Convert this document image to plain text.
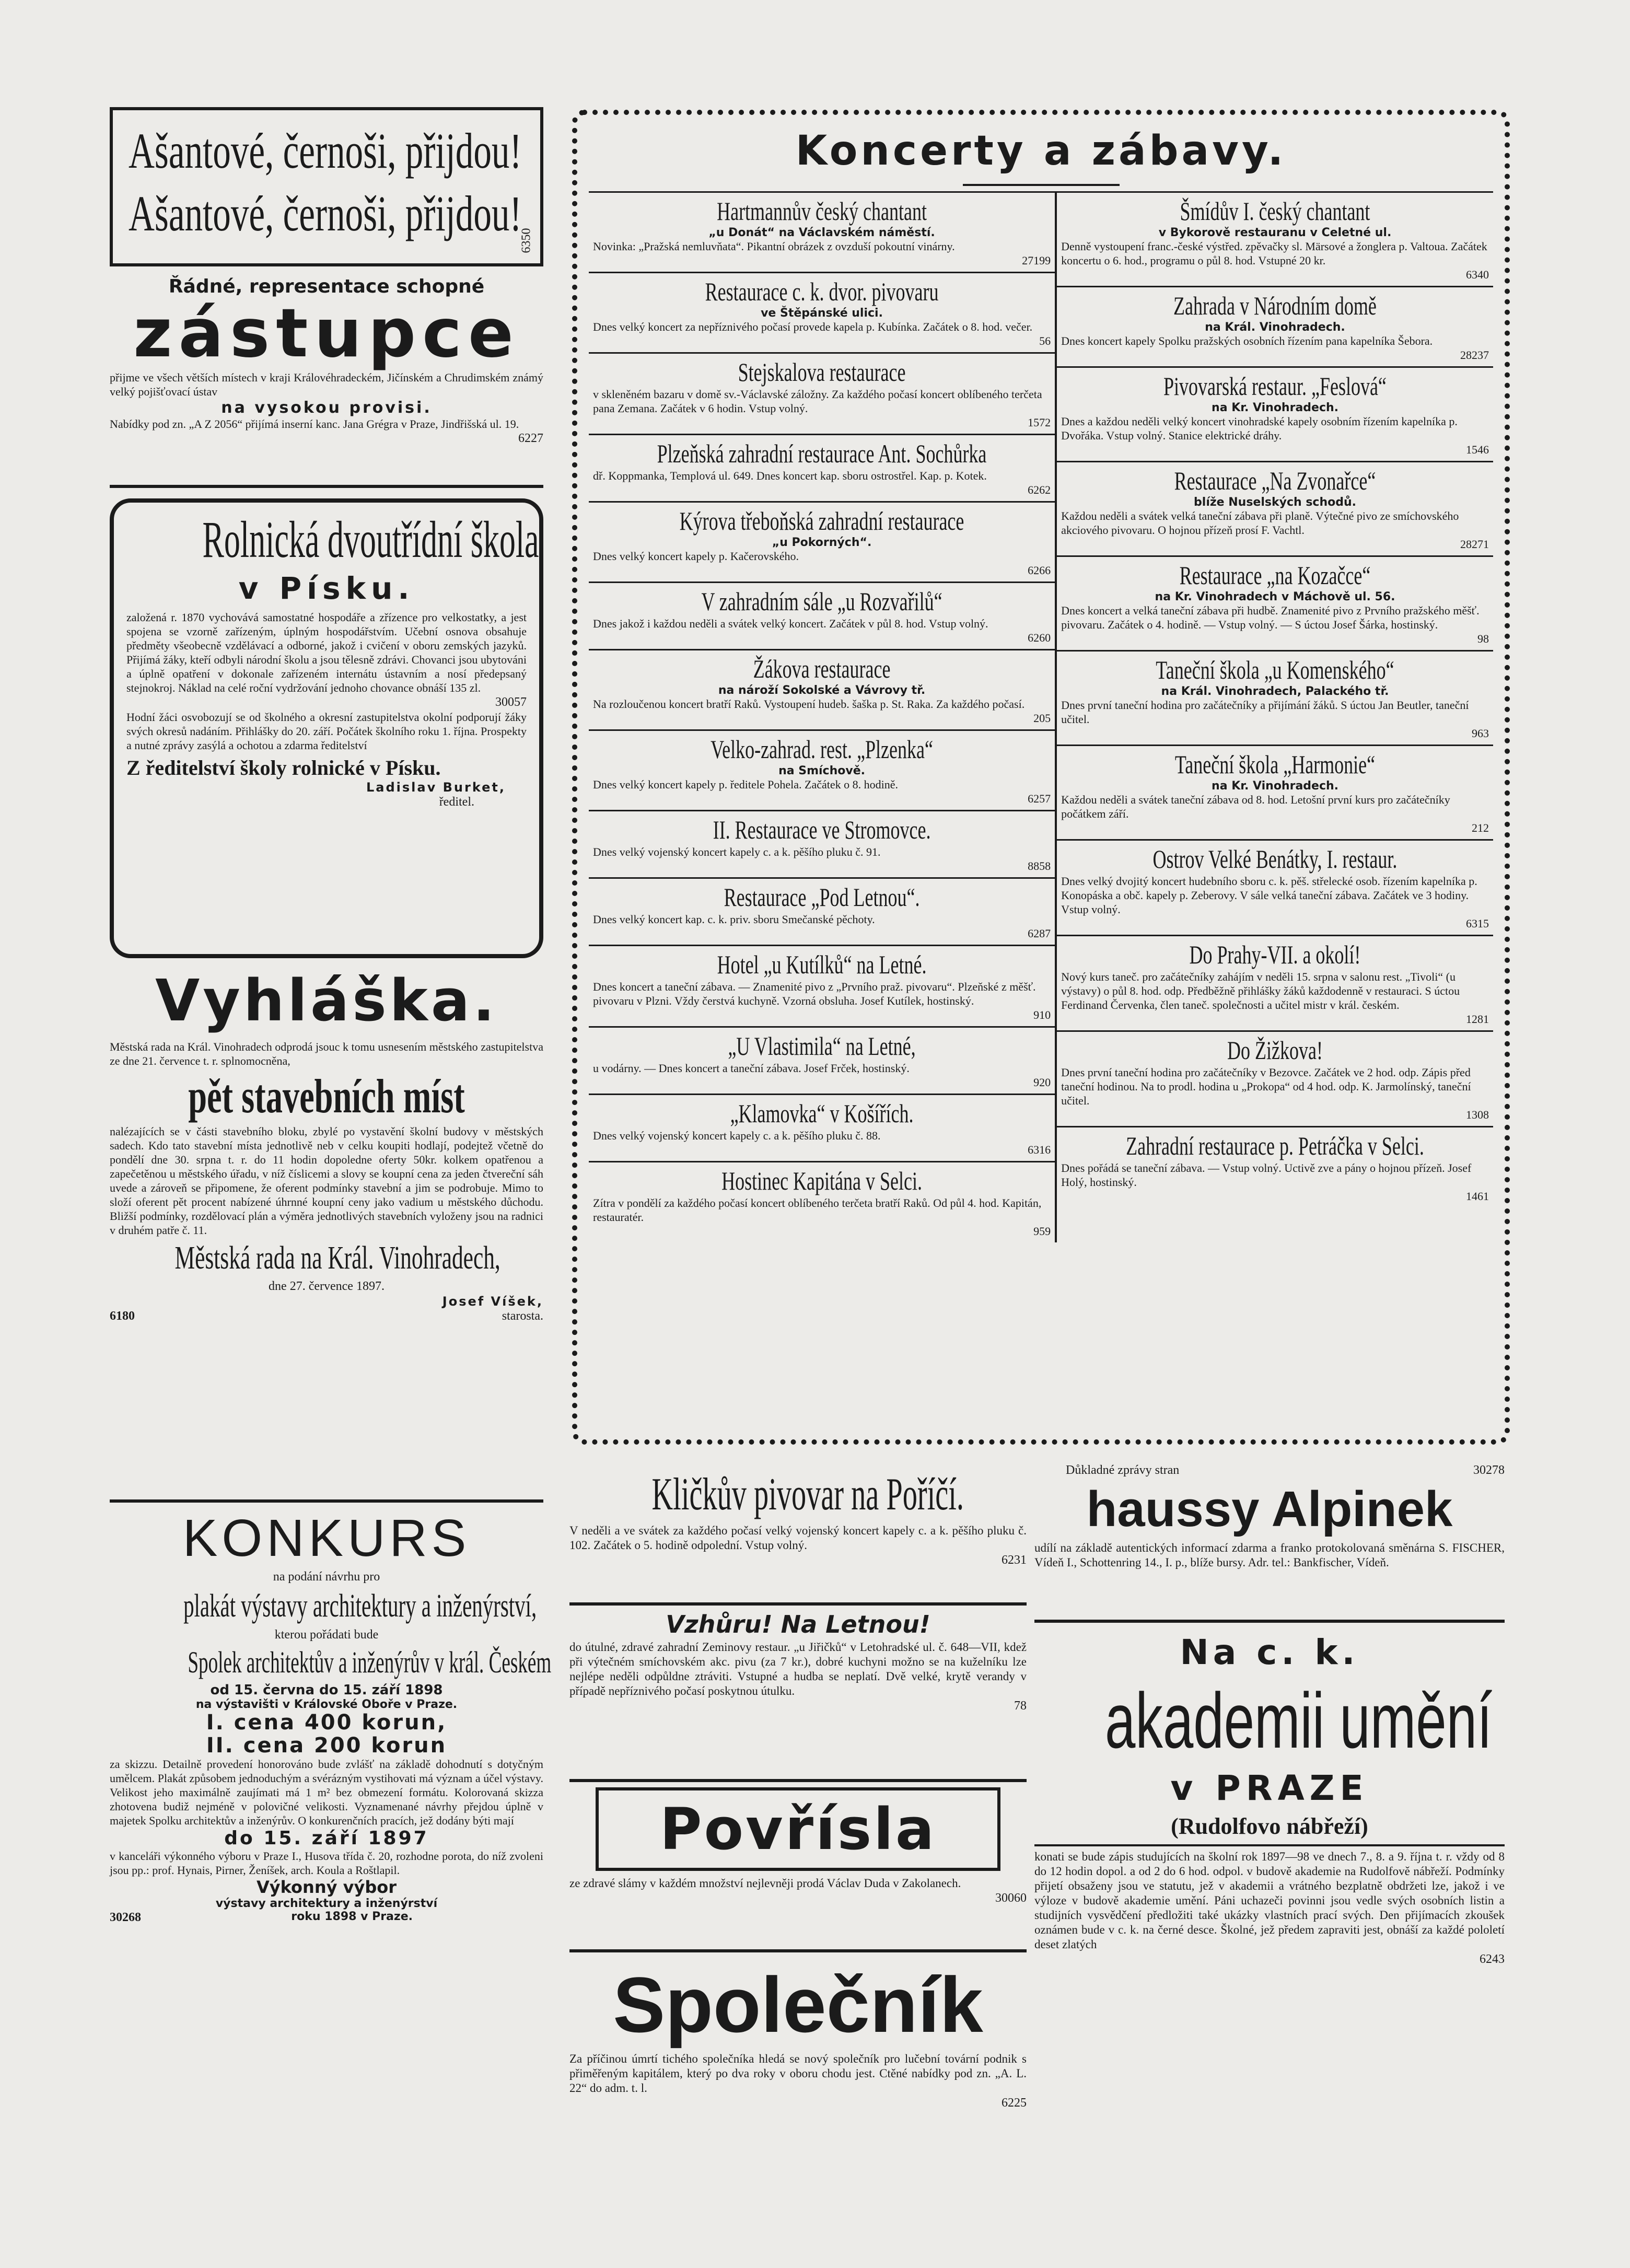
Ašantové, černoši, přijdou!
Ašantové, černoši, přijdou!
6350
Řádné, representace schopné
zástupce

přijme ve všech větších místech v kraji Královéhradeckém, Jičínském a Chrudimském známý velký pojišťovací ústav

na vysokou provisi.

Nabídky pod zn. „A Z 2056“ přijímá inserní kanc. Jana Grégra v Praze, Jindřišská ul. 19.

6227
Rolnická dvoutřídní škola
v Písku.

založená r. 1870 vychovává samostatné hospodáře a zřízence pro velkostatky, a jest spojena se vzorně zařízeným, úplným hospodářstvím. Učební osnova obsahuje předměty všeobecně vzdělávací a odborné, jakož i cvičení v oboru zemských jazyků. Přijímá žáky, kteří odbyli národní školu a jsou tělesně zdrávi. Chovanci jsou ubytováni a úplně opatření v dokonale zařízeném internátu ústavním a nosí předepsaný stejnokroj. Náklad na celé roční vydržování jednoho chovance obnáší 135 zl.

30057

Hodní žáci osvobozují se od školného a okresní zastupitelstva okolní podporují žáky svých okresů nadáním. Přihlášky do 20. září. Počátek školního roku 1. října. Prospekty a nutné zprávy zasýlá a ochotou a zdarma ředitelství

Z ředitelství školy rolnické v Písku.
Ladislav Burket,
ředitel.
Vyhláška.

Městská rada na Král. Vinohradech odprodá jsouc k tomu usnesením městského zastupitelstva ze dne 21. července t. r. splnomocněna,

pět stavebních míst

nalézajících se v části stavebního bloku, zbylé po vystavění školní budovy v městských sadech. Kdo tato stavební místa jednotlivě neb v celku koupiti hodlají, podejtež včetně do pondělí dne 30. srpna t. r. do 11 hodin dopoledne oferty 50kr. kolkem opatřenou a zapečetěnou u městského úřadu, v níž číslicemi a slovy se koupní cena za jeden čtvereční sáh uvede a zároveň se připomene, že oferent podmínky stavební a jim se podrobuje. Mimo to složí oferent pět procent nabízené úhrnné koupní ceny jako vadium u městského důchodu. Bližší podmínky, rozdělovací plán a výměra jednotlivých stavebních vyloženy jsou na radnici v druhém patře č. 11.

Městská rada na Král. Vinohradech,
dne 27. července 1897.
6180
Josef Víšek,
starosta.
KONKURS
na podání návrhu pro
plakát výstavy architektury a inženýrství,
kterou pořádati bude
Spolek architektův a inženýrův v král. Českém
od 15. června do 15. září 1898
na výstavišti v Královské Oboře v Praze.
I. cena 400 korun,
II. cena 200 korun

za skizzu. Detailně provedení honorováno bude zvlášť na základě dohodnutí s dotyčným umělcem. Plakát způsobem jednoduchým a svérázným vystihovati má význam a účel výstavy. Velikost jeho maximálně zaujímati má 1 m² bez obmezení formátu. Kolorovaná skizza zhotovena budiž nejméně v polovičné velikosti. Vyznamenané návrhy přejdou úplně v majetek Spolku architektův a inženýrův. O konkurenčních pracích, jež dodány býti mají

do 15. září 1897

v kanceláři výkonného výboru v Praze I., Husova třída č. 20, rozhodne porota, do níž zvoleni jsou pp.: prof. Hynais, Pirner, Ženíšek, arch. Koula a Roštlapil.

Výkonný výbor
výstavy architektury a inženýrství
30268	roku 1898 v Praze.
Koncerty a zábavy.
Hartmannův český chantant
„u Donát“ na Václavském náměstí.

Novinka: „Pražská nemluvňata“. Pikantní obrázek z ovzduší pokoutní vinárny.

27199
Restaurace c. k. dvor. pivovaru
ve Štěpánské ulici.

Dnes velký koncert za nepříznivého počasí provede kapela p. Kubínka. Začátek o 8. hod. večer.

56
Stejskalova restaurace

v skleněném bazaru v domě sv.-Václavské záložny. Za každého počasí koncert oblíbeného terčeta pana Zemana. Začátek v 6 hodin. Vstup volný.

1572
Plzeňská zahradní restaurace Ant. Sochůrka

dř. Koppmanka, Templová ul. 649. Dnes koncert kap. sboru ostrostřel. Kap. p. Kotek.

6262
Kýrova třeboňská zahradní restaurace
„u Pokorných“.

Dnes velký koncert kapely p. Kačerovského.

6266
V zahradním sále „u Rozvařilů“

Dnes jakož i každou neděli a svátek velký koncert. Začátek v půl 8. hod. Vstup volný.

6260
Žákova restaurace
na nároží Sokolské a Vávrovy tř.

Na rozloučenou koncert bratří Raků. Vystoupení hudeb. šaška p. St. Raka. Za každého počasí.

205
Velko-zahrad. rest. „Plzenka“
na Smíchově.

Dnes velký koncert kapely p. ředitele Pohela. Začátek o 8. hodině.

6257
II. Restaurace ve Stromovce.

Dnes velký vojenský koncert kapely c. a k. pěšího pluku č. 91.

8858
Restaurace „Pod Letnou“.

Dnes velký koncert kap. c. k. priv. sboru Smečanské pěchoty.

6287
Hotel „u Kutílků“ na Letné.

Dnes koncert a taneční zábava. — Znamenité pivo z „Prvního praž. pivovaru“. Plzeňské z měšť. pivovaru v Plzni. Vždy čerstvá kuchyně. Vzorná obsluha. Josef Kutílek, hostinský.

910
„U Vlastimila“ na Letné,

u vodárny. — Dnes koncert a taneční zábava. Josef Frček, hostinský.

920
„Klamovka“ v Košířích.

Dnes velký vojenský koncert kapely c. a k. pěšího pluku č. 88.

6316
Hostinec Kapitána v Selci.

Zítra v pondělí za každého počasí koncert oblíbeného terčeta bratří Raků. Od půl 4. hod. Kapitán, restauratér.

959
Šmídův I. český chantant
v Bykorově restauranu v Celetné ul.

Denně vystoupení franc.-české výstřed. zpěvačky sl. Märsové a žonglera p. Valtoua. Začátek koncertu o 6. hod., programu o půl 8. hod. Vstupné 20 kr.

6340
Zahrada v Národním domě
na Král. Vinohradech.

Dnes koncert kapely Spolku pražských osobních řízením pana kapelníka Šebora.

28237
Pivovarská restaur. „Feslová“
na Kr. Vinohradech.

Dnes a každou neděli velký koncert vinohradské kapely osobním řízením kapelníka p. Dvořáka. Vstup volný. Stanice elektrické dráhy.

1546
Restaurace „Na Zvonařce“
blíže Nuselských schodů.

Každou neděli a svátek velká taneční zábava při planě. Výtečné pivo ze smíchovského akciového pivovaru. O hojnou přízeň prosí F. Vachtl.

28271
Restaurace „na Kozačce“
na Kr. Vinohradech v Máchově ul. 56.

Dnes koncert a velká taneční zábava při hudbě. Znamenité pivo z Prvního pražského měšť. pivovaru. Začátek o 4. hodině. — Vstup volný. — S úctou Josef Šárka, hostinský.

98
Taneční škola „u Komenského“
na Král. Vinohradech, Palackého tř.

Dnes první taneční hodina pro začátečníky a přijímání žáků. S úctou Jan Beutler, taneční učitel.

963
Taneční škola „Harmonie“
na Kr. Vinohradech.

Každou neděli a svátek taneční zábava od 8. hod. Letošní první kurs pro začátečníky počátkem září.

212
Ostrov Velké Benátky, I. restaur.

Dnes velký dvojitý koncert hudebního sboru c. k. pěš. střelecké osob. řízením kapelníka p. Konopáska a obč. kapely p. Zeberovy. V sále velká taneční zábava. Začátek ve 3 hodiny. Vstup volný.

6315
Do Prahy-VII. a okolí!

Nový kurs taneč. pro začátečníky zahájím v neděli 15. srpna v salonu rest. „Tivoli“ (u výstavy) o půl 8. hod. odp. Předběžně přihlášky žáků každodenně v restauraci. S úctou Ferdinand Červenka, člen taneč. společnosti a učitel mistr v král. českém.

1281
Do Žižkova!

Dnes první taneční hodina pro začátečníky v Bezovce. Začátek ve 2 hod. odp. Zápis před taneční hodinou. Na to prodl. hodina u „Prokopa“ od 4 hod. odp. K. Jarmolínský, taneční učitel.

1308
Zahradní restaurace p. Petráčka v Selci.

Dnes pořádá se taneční zábava. — Vstup volný. Uctivě zve a pány o hojnou přízeň. Josef Holý, hostinský.

1461
Kličkův pivovar na Poříčí.

V neděli a ve svátek za každého počasí velký vojenský koncert kapely c. a k. pěšího pluku č. 102. Začátek o 5. hodině odpolední. Vstup volný.

6231
Vzhůru! Na Letnou!

do útulné, zdravé zahradní Zeminovy restaur. „u Jiřičků“ v Letohradské ul. č. 648—VII, kdež při výtečném smíchovském akc. pivu (za 7 kr.), dobré kuchyni možno se na kuželníku lze nejlépe neděli odpůldne ztráviti. Vstupné a hudba se neplatí. Dvě velké, krytě verandy v případě nepříznivého počasí poskytnou útulku.

78
Povřísla

ze zdravé slámy v každém množství nejlevněji prodá Václav Duda v Zakolanech.

30060
Společník

Za příčinou úmrtí tichého společníka hledá se nový společník pro lučební tovární podnik s přiměřeným kapitálem, který po dva roky v oboru chodu jest. Ctěné nabídky pod zn. „A. L. 22“ do adm. t. l.

6225
Důkladné zprávy stran	30278
haussy Alpinek

udílí na základě autentických informací zdarma a franko protokolovaná směnárna S. FISCHER, Vídeň I., Schottenring 14., I. p., blíže bursy. Adr. tel.: Bankfischer, Vídeň.

Na c. k.
akademii umění
v PRAZE
(Rudolfovo nábřeží)

konati se bude zápis studujících na školní rok 1897—98 ve dnech 7., 8. a 9. října t. r. vždy od 8 do 12 hodin dopol. a od 2 do 6 hod. odpol. v budově akademie na Rudolfově nábřeží. Podmínky přijetí obsaženy jsou ve statutu, jež v akademii a vrátného bezplatně obdržeti lze, jakož i ve výloze v budově akademie umění. Páni uchazeči povinni jsou vedle svých osobních listin a studijních vysvědčení předložiti také ukázky vlastních prací svých. Den přijímacích zkoušek oznámen bude v c. k. na černé desce. Školné, jež předem zapraviti jest, obnáší za každé pololetí deset zlatých

6243
